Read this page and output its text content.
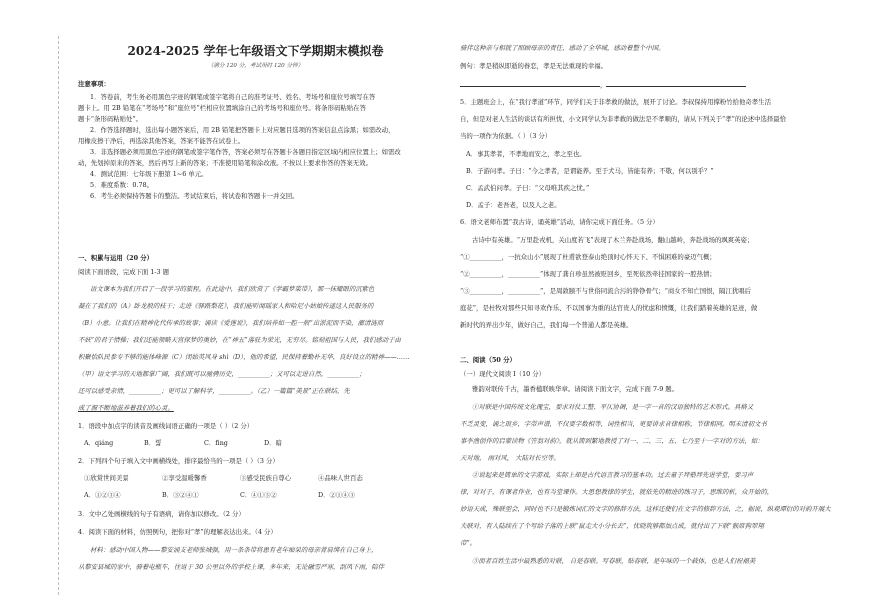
2024-2025 学年七年级语文下学期期末模拟卷
（满分 120 分，考试用时 120 分钟）
注意事项：
1．答卷前，考生务必用黑色字迹的钢笔或签字笔将自己的准考证号、姓名、考场号和座位号填写在答
题卡上。用 2B 铅笔在“考场号”和“座位号”栏相应位置填涂自己的考场号和座位号。将条形码粘贴在答
题卡“条形码粘贴处”。
2．作答选择题时，选出每小题答案后，用 2B 铅笔把答题卡上对应题目选项的答案信息点涂黑；如需改动，
用橡皮擦干净后，再选涂其他答案，答案不能答在试卷上。
3．非选择题必须用黑色字迹的钢笔或签字笔作答，答案必须写在答题卡各题目指定区域内相应位置上；如需改
动，先划掉原来的答案，然后再写上新的答案；不准使用铅笔和涂改液。不按以上要求作答的答案无效。
4．测试范围：七年级下册第 1~6 单元。
5．难度系数：0.78。
6．考生必须保持答题卡的整洁。考试结束后，将试卷和答题卡一并交回。
一、积累与运用（20 分）
阅读下面语段，完成下面 1-3 题
语文课本为我们开启了一段学习的旅程。在此途中，我们欣赏了《学霸梦菜带》，那一抹耀眼的沉紫色
凝在了我们的（A）卧龙般的枝干；走进《驿路梨花》，我们能听闻瑶家人和哈尼小姑娘传递这人民服务的
（B）小意。让我们在精神化代传承的故事；诵读《爱莲说》，我们培养如一腔一般“出淤泥而不染，濯清涟而
不妖”的君子情操；我们还能领略天宫探梦的奥妙，在“神五”落驻为荣光，无穷尽。铭刻祖国与人民，我们感动于由
积聚怡队民参专不够的能体峰源（C）闭始英风身 shì（D），他的希望，民保持着勤朴无华，良好设立的精神——……
（甲）语文学习的天地都掌广阔，我们既可以驰骋历史，__________；又可以走进自然，__________；
还可以感受亲情，__________；更可以了解科学，__________。（乙）一篇篇“美景”正在联结，先
成了源不断地滋养着我们的心灵。
1．语段中加点字的读音及画线词语正确的一项是（ ）（2 分）
A．qiáng	B．誓	C．fìng	D．暗
2．下列四个句子填入文中画横线处，排序最恰当的一项是（ ）（3 分）
①欣赏世间美景	②享受温暖馨香	③感受民族自尊心	④品味人世百态
A．①②③④	B．③②④①	C．④①③②	D．②①④③
3．文中乙处画横线的句子有语病，请你加以修改。（2 分）
4．阅读下面的材料，仿照例句，把你对“孝”的理解表达出来。（4 分）
材料：感动中国人物——黎安涌支老师张城强，用一条条带将患有老年痴呆的母亲背肩绑在自己身上，
从黎安县城的家中，骑着电瓶车，往返于 30 公里以外的学校上课，多年来，无论融雪严寒，刮风下雨，陪伴
骑伴这种亲与相就了照顾母亲的责任，感动了全华城，感动着整个中国。
例句：孝是稍纵即逝的眷恋，孝是无法重现的幸福。
，
5．主题班会上，在“我行孝道”环节，同学们关于非孝救的做法，展开了讨论。李叔保持用撑粉竹拾他奇孝生活
自，但是对老人生活的谈话有所担忧，小文同学认为非孝救的做法是不孝顺的，请从下列关于“孝”的论述中选择最恰
当的一项作为依据。（ ）（3 分）
A．事其孝者，不孝地而安之，孝之至也。
B．子游问孝。子曰：“今之孝者，是谓能养。至于犬马，皆能有养；不敬，何以别乎？”
C．孟武伯问孝。子曰：“父母唯其疾之忧。”
D．孟子：老吾老，以及人之老。
6．语文老师布置“我古诗，诵英雄”活动，请你完成下面任务。（5 分）
古诗中有英雄。“万里赴戎机，关山度若飞”表现了木兰奔赴战场，翻山越岭，奔赴战场的飒爽英姿；
“①__________，一抗众山小”展现了杜甫欲登泰山绝顶时心怀天下、不惧困难的豪迈气概；
“②__________，__________”体现了龚自珍虽然被贬回乡，至死依然牵挂国家的一腔热情；
“③__________，__________”，是周敦颐不与世俗同流合污的铮铮骨气；“商女不知亡国恨，隔江犹唱后
庭花”，是杜牧对那些只知寻欢作乐、不以国事为重的达官贵人的忧虑和愤慨，让我们踏着英雄的足迹，做
新时代的弄出少年，做好自己，我们每一个普通人都是英雄。
二、阅读（50 分）
（一）现代文阅读 I（10 分）
雅韵对联传千古，墨香楹联映华章。请阅读下面文字，完成下面 7-9 题。
①对联是中国传统文化瑰宝，要求对仗工整、平仄协调，是一字一音的汉语独特的艺术形式。具格又
不乏灵变，诵之琅乡，字带声谱，不仅要字数相等，词性相当，更要讲求音律相称，节律相同。明末清初文书
事李渔创作的启蒙读物《笠翁对韵》，就从简到繁地教授了对一、二、三、五、七乃至十一字对的方法，如：
天对地， 雨对风， 大陆对长空等。
②说起来是简单的文字游戏，实际上却是古代语言教习的基本功。过去童子拜塾拜先进学堂，要习声
律，对对子，有课者作业，也有当堂课作。大思想教律的学生，就依先的精进的练习子，思维的析，众开始的，
妙语天成，殊联型会，同时也不只是锻炼词汇的文字的修辞方法，这样还使们在文字的修辞方法，之，据说，纵观谭衍的对韵开展大
夫联对，有人陆续在了个写给子落的上联“鼠走大小分长去”，忧晓筑够都加点成，就付出了下联“猴席狗翠翔
帝”。
③而者百姓生活中最熟悉的对联， 自是春联。写春联，贴春联，是年味的一个载体，也是人们祝福美
